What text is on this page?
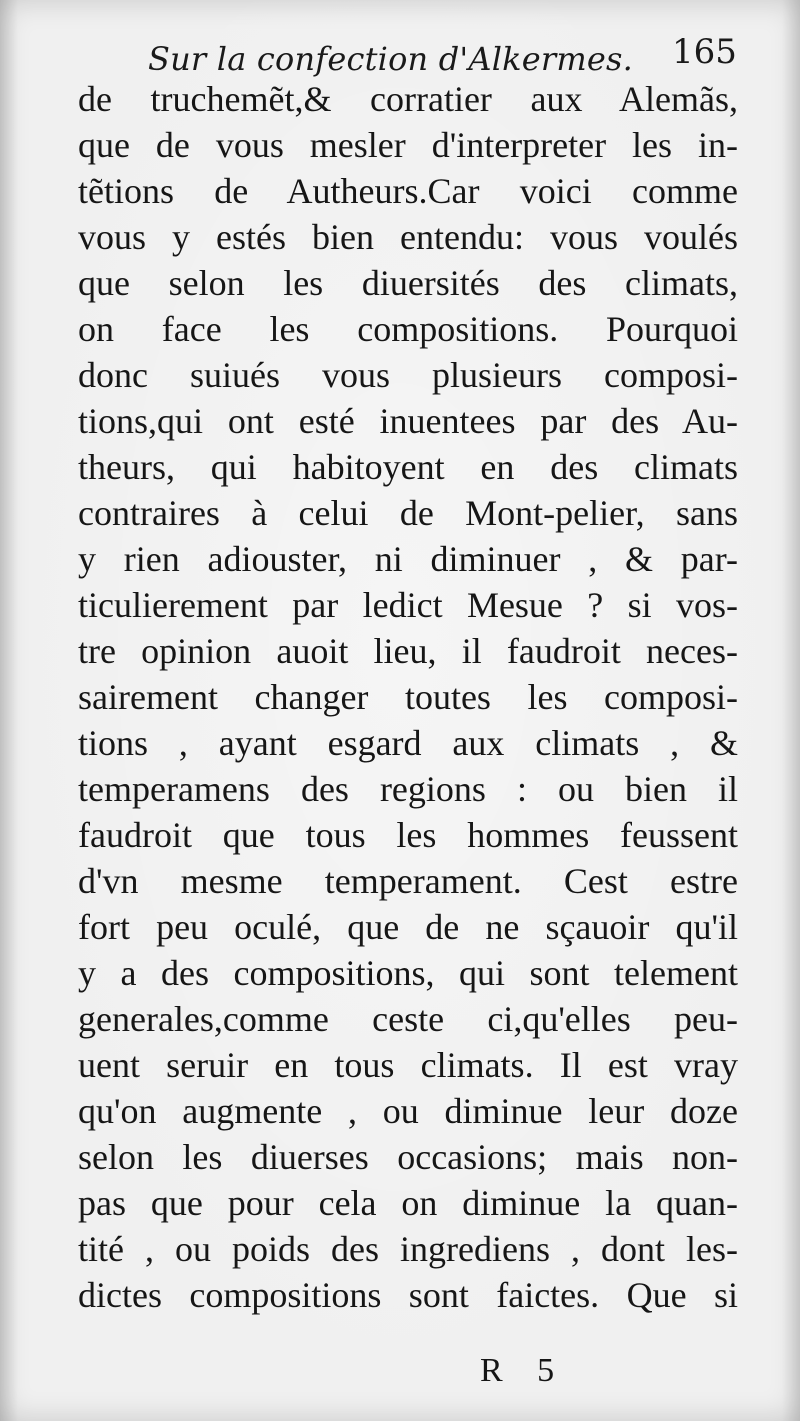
Sur la confection d'Alkermes. 165
de truchemẽt,& corratier aux Alemãs,
que de vous mesler d'interpreter les in-
tẽtions de Autheurs.Car voici comme
vous y estés bien entendu: vous voulés
que selon les diuersités des climats,
on face les compositions. Pourquoi
donc suiués vous plusieurs composi-
tions,qui ont esté inuentees par des Au-
theurs, qui habitoyent en des climats
contraires à celui de Mont-pelier, sans
y rien adiouster, ni diminuer , & par-
ticulierement par ledict Mesue ? si vos-
tre opinion auoit lieu, il faudroit neces-
sairement changer toutes les composi-
tions , ayant esgard aux climats , &
temperamens des regions : ou bien il
faudroit que tous les hommes feussent
d'vn mesme temperament. Cest estre
fort peu oculé, que de ne sçauoir qu'il
y a des compositions, qui sont telement
generales,comme ceste ci,qu'elles peu-
uent seruir en tous climats. Il est vray
qu'on augmente , ou diminue leur doze
selon les diuerses occasions; mais non-
pas que pour cela on diminue la quan-
tité , ou poids des ingrediens , dont les-
dictes compositions sont faictes. Que si
R 5
